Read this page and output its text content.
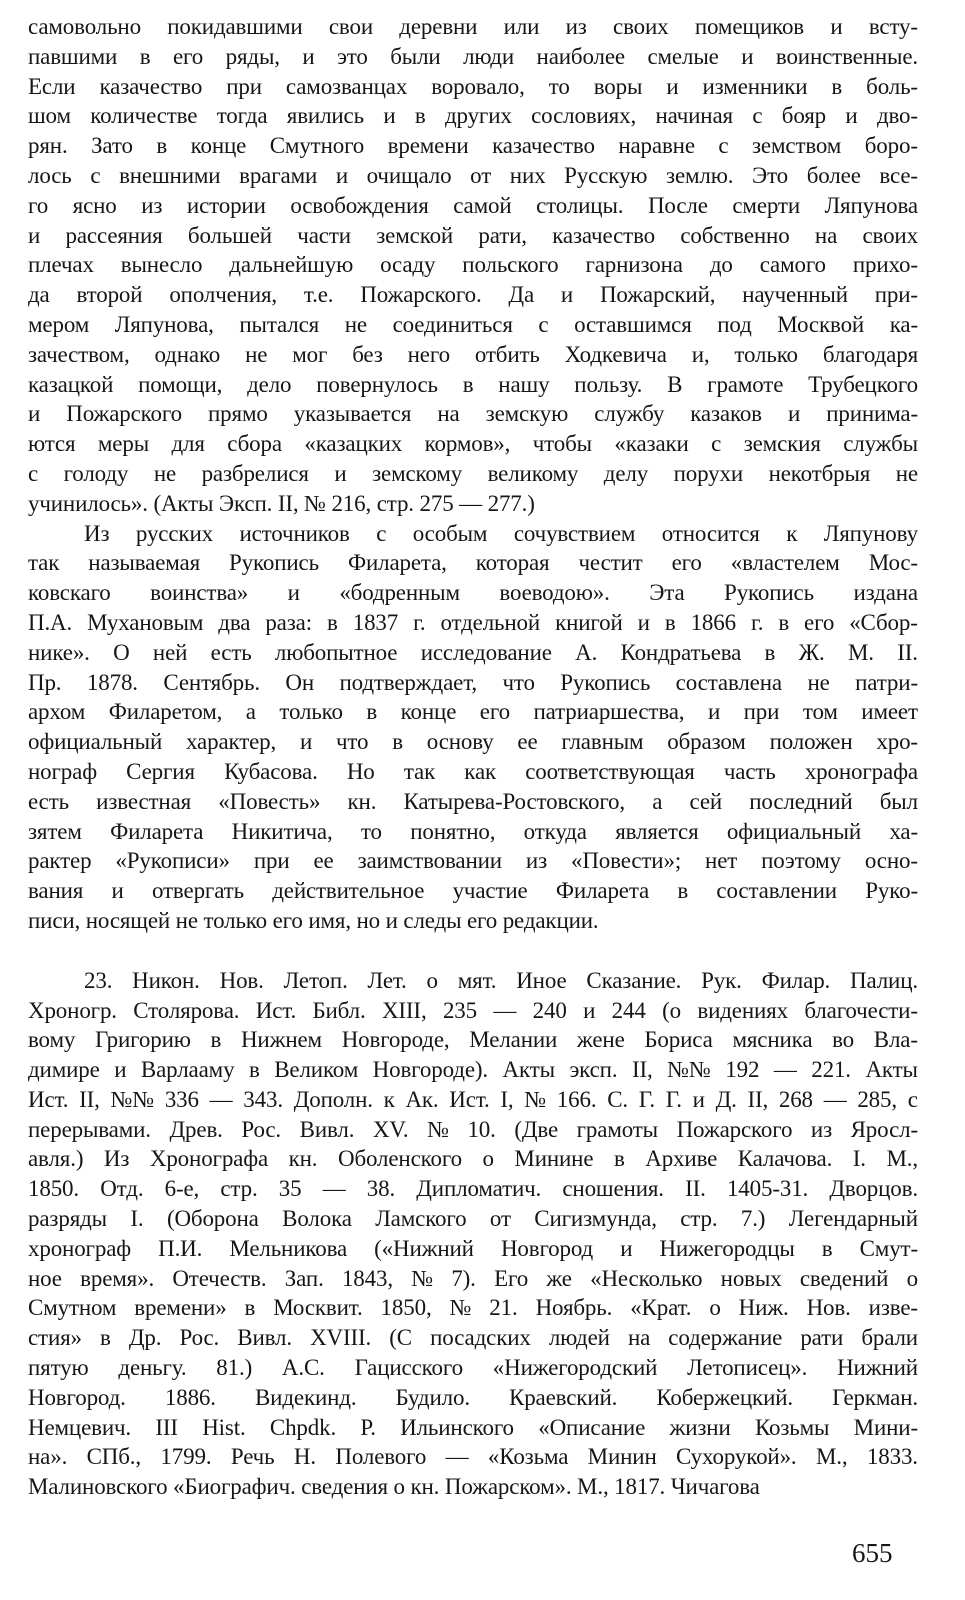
самовольно покидавшими свои деревни или из своих помещиков и всту-
павшими в его ряды, и это были люди наиболее смелые и воинственные.
Если казачество при самозванцах воровало, то воры и изменники в боль-
шом количестве тогда явились и в других сословиях, начиная с бояр и дво-
рян. Зато в конце Смутного времени казачество наравне с земством боро-
лось с внешними врагами и очищало от них Русскую землю. Это более все-
го ясно из истории освобождения самой столицы. После смерти Ляпунова
и рассеяния большей части земской рати, казачество собственно на своих
плечах вынесло дальнейшую осаду польского гарнизона до самого прихо-
да второй ополчения, т.е. Пожарского. Да и Пожарский, наученный при-
мером Ляпунова, пытался не соединиться с оставшимся под Москвой ка-
зачеством, однако не мог без него отбить Ходкевича и, только благодаря
казацкой помощи, дело повернулось в нашу пользу. В грамоте Трубецкого
и Пожарского прямо указывается на земскую службу казаков и принима-
ются меры для сбора «казацких кормов», чтобы «казаки с земския службы
с голоду не разбрелися и земскому великому делу порухи некотбрыя не
учинилось». (Акты Эксп. II, № 216, стр. 275 — 277.)
Из русских источников с особым сочувствием относится к Ляпунову
так называемая Рукопись Филарета, которая честит его «властелем Мос-
ковскаго воинства» и «бодренным воеводою». Эта Рукопись издана
П.А. Мухановым два раза: в 1837 г. отдельной книгой и в 1866 г. в его «Сбор-
нике». О ней есть любопытное исследование А. Кондратьева в Ж. М. II.
Пр. 1878. Сентябрь. Он подтверждает, что Рукопись составлена не патри-
архом Филаретом, а только в конце его патриаршества, и при том имеет
официальный характер, и что в основу ее главным образом положен хро-
нограф Сергия Кубасова. Но так как соответствующая часть хронографа
есть известная «Повесть» кн. Катырева-Ростовского, а сей последний был
зятем Филарета Никитича, то понятно, откуда является официальный ха-
рактер «Рукописи» при ее заимствовании из «Повести»; нет поэтому осно-
вания и отвергать действительное участие Филарета в составлении Руко-
писи, носящей не только его имя, но и следы его редакции.
23. Никон. Нов. Летоп. Лет. о мят. Иное Сказание. Рук. Филар. Палиц.
Хроногр. Столярова. Ист. Библ. XIII, 235 — 240 и 244 (о видениях благочести-
вому Григорию в Нижнем Новгороде, Мелании жене Бориса мясника во Вла-
димире и Варлааму в Великом Новгороде). Акты эксп. II, №№ 192 — 221. Акты
Ист. II, №№ 336 — 343. Дополн. к Ак. Ист. I, № 166. С. Г. Г. и Д. II, 268 — 285, с
перерывами. Древ. Рос. Вивл. XV. № 10. (Две грамоты Пожарского из Яросл-
авля.) Из Хронографа кн. Оболенского о Минине в Архиве Калачова. I. М.,
1850. Отд. 6-е, стр. 35 — 38. Дипломатич. сношения. II. 1405-31. Дворцов.
разряды I. (Оборона Волока Ламского от Сигизмунда, стр. 7.) Легендарный
хронограф П.И. Мельникова («Нижний Новгород и Нижегородцы в Смут-
ное время». Отечеств. Зап. 1843, № 7). Его же «Несколько новых сведений о
Смутном времени» в Москвит. 1850, № 21. Ноябрь. «Крат. о Ниж. Нов. изве-
стия» в Др. Рос. Вивл. XVIII. (С посадских людей на содержание рати брали
пятую деньгу. 81.) А.С. Гацисского «Нижегородский Летописец». Нижний
Новгород. 1886. Видекинд. Будило. Краевский. Кобержецкий. Геркман.
Немцевич. III Hist. Chpdk. Р. Ильинского «Описание жизни Козьмы Мини-
на». СПб., 1799. Речь Н. Полевого — «Козьма Минин Сухорукой». М., 1833.
Малиновского «Биографич. сведения о кн. Пожарском». М., 1817. Чичагова
655
